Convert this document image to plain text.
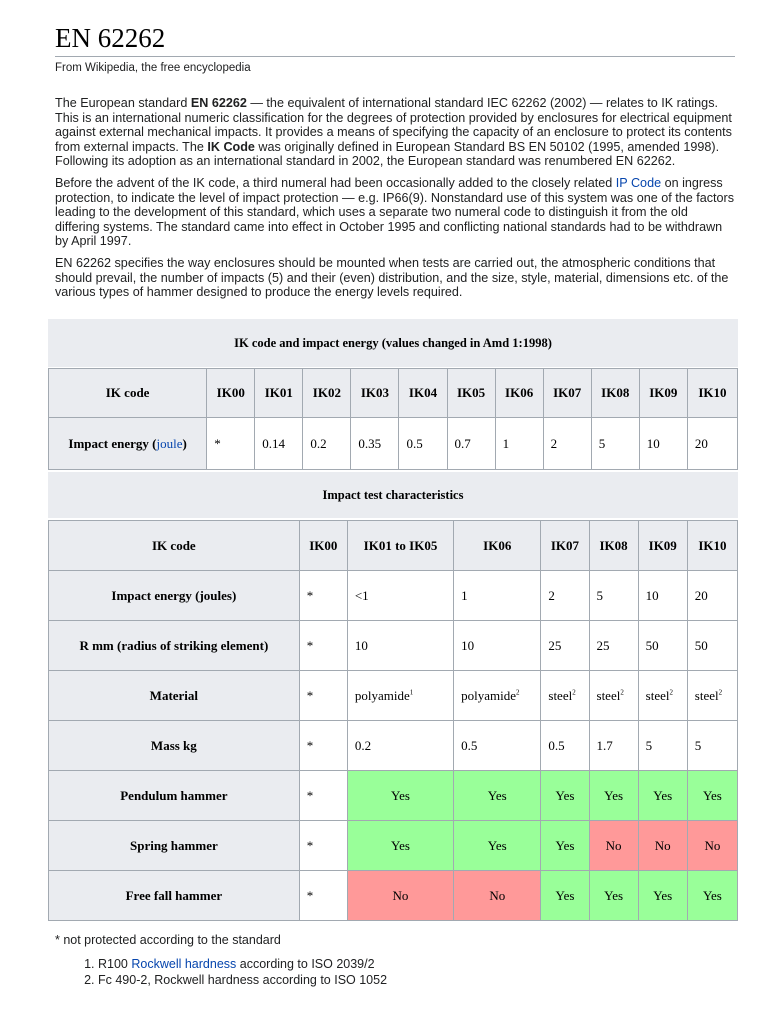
EN 62262
From Wikipedia, the free encyclopedia

The European standard EN 62262 — the equivalent of international standard IEC 62262 (2002) — relates to IK ratings. This is an international numeric classification for the degrees of protection provided by enclosures for electrical equipment against external mechanical impacts. It provides a means of specifying the capacity of an enclosure to protect its contents from external impacts. The IK Code was originally defined in European Standard BS EN 50102 (1995, amended 1998). Following its adoption as an international standard in 2002, the European standard was renumbered EN 62262.

Before the advent of the IK code, a third numeral had been occasionally added to the closely related IP Code on ingress protection, to indicate the level of impact protection — e.g. IP66(9). Nonstandard use of this system was one of the factors leading to the development of this standard, which uses a separate two numeral code to distinguish it from the old differing systems. The standard came into effect in October 1995 and conflicting national standards had to be withdrawn by April 1997.

EN 62262 specifies the way enclosures should be mounted when tests are carried out, the atmospheric conditions that should prevail, the number of impacts (5) and their (even) distribution, and the size, style, material, dimensions etc. of the various types of hammer designed to produce the energy levels required.

IK code and impact energy (values changed in Amd 1:1998)
IK code	IK00	IK01	IK02	IK03	IK04	IK05	IK06	IK07	IK08	IK09	IK10
Impact energy (joule)	*	0.14	0.2	0.35	0.5	0.7	1	2	5	10	20
Impact test characteristics
IK code	IK00	IK01 to IK05	IK06	IK07	IK08	IK09	IK10
Impact energy (joules)	*	<1	1	2	5	10	20
R mm (radius of striking element)	*	10	10	25	25	50	50
Material	*	polyamide$^1$	polyamide$^2$	steel$^2$	steel$^2$	steel$^2$	steel$^2$
Mass kg	*	0.2	0.5	0.5	1.7	5	5
Pendulum hammer	*	Yes	Yes	Yes	Yes	Yes	Yes
Spring hammer	*	Yes	Yes	Yes	No	No	No
Free fall hammer	*	No	No	Yes	Yes	Yes	Yes
* not protected according to the standard
1. R100 Rockwell hardness according to ISO 2039/2
2. Fc 490-2, Rockwell hardness according to ISO 1052
